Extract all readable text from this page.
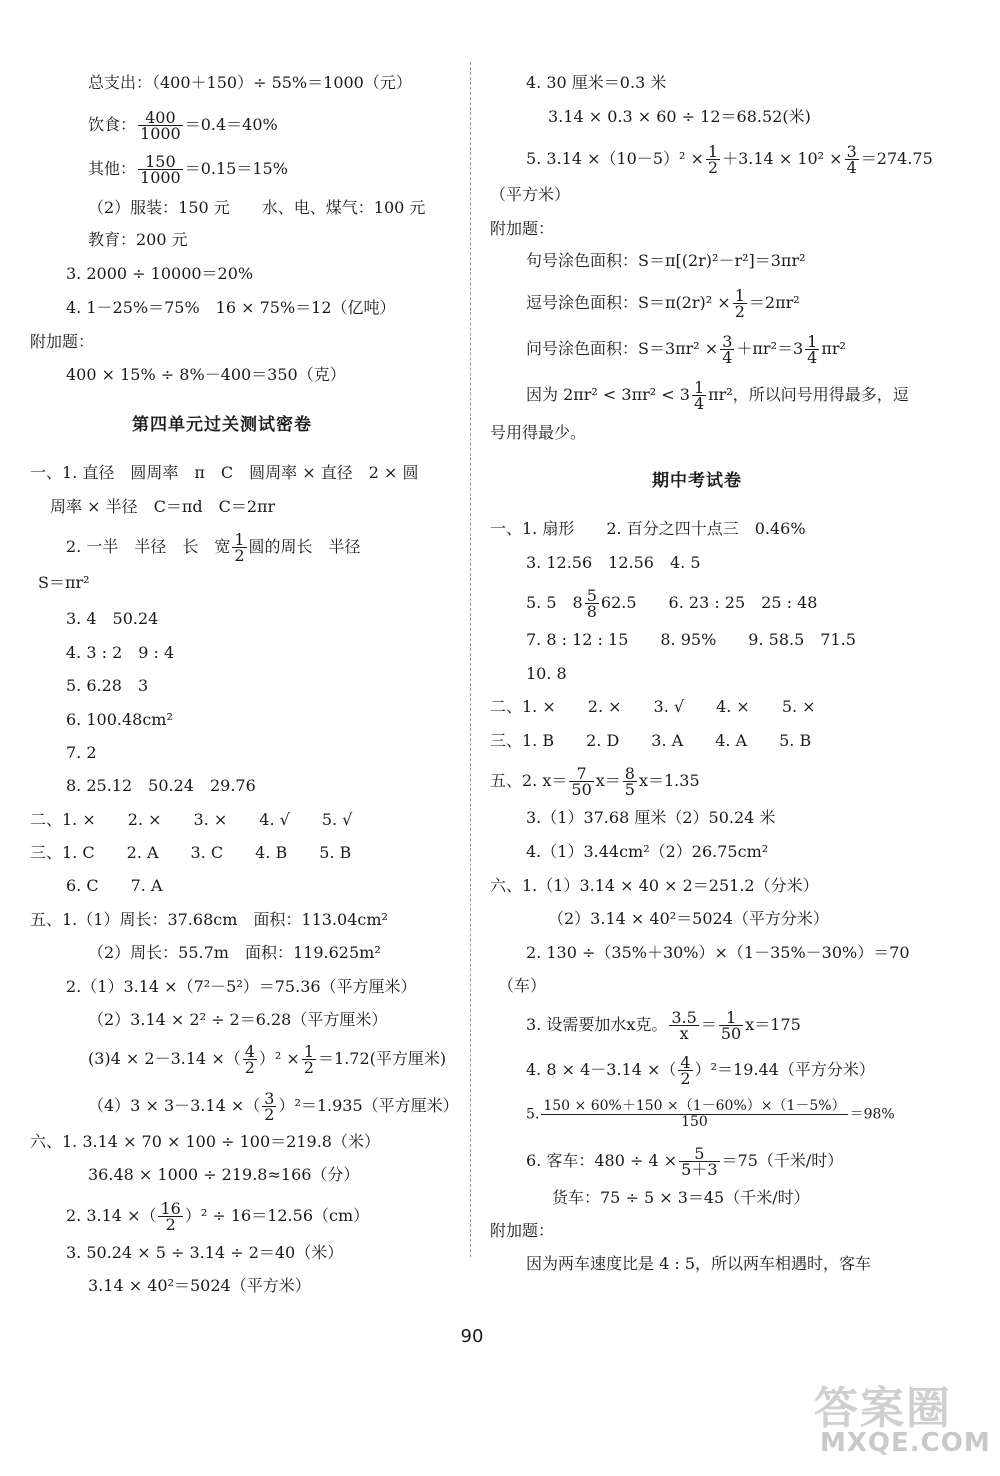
总支出：（400＋150）÷ 55%＝1000（元）
饮食： $\frac{400}{1000} =0.4=40\%$
其他： $\frac{150}{1000} =0.15=15\%$
（2）服装：150 元　　水、电、煤气：100 元
教育：200 元
3. 2000 ÷ 10000＝20%
4. 1－25%＝75%　16 × 75%＝12（亿吨）
附加题：
400 × 15% ÷ 8%－400＝350（克）
第四单元过关测试密卷
一、1. 直径　圆周率　π　C　圆周率 × 直径　2 × 圆
周率 × 半径　C＝πd　C＝2πr
2. 一半　半径　长　宽 $\frac{1}{2}$ 圆的周长　半径
S＝πr²
3. 4　50.24
4. 3 : 2　9 : 4
5. 6.28　3
6. 100.48cm²
7. 2
8. 25.12　50.24　29.76
二、1. ×　　2. ×　　3. ×　　4. √　　5. √
三、1. C　　2. A　　3. C　　4. B　　5. B
6. C　　7. A
五、1.（1）周长：37.68cm　面积：113.04cm²
（2）周长：55.7m　面积：119.625m²
2.（1）3.14 ×（7²－5²）＝75.36（平方厘米）
（2）3.14 × 2² ÷ 2＝6.28（平方厘米）
(3)4 × 2－3.14 ×（ $\frac{4}{2} )^2 \times \frac{1}{2} =1.72$(平方厘米)
（4）3 × 3－3.14 ×（ $\frac{3}{2} )^2=1.935$（平方厘米）
六、1. 3.14 × 70 × 100 ÷ 100＝219.8（米）
36.48 × 1000 ÷ 219.8≈166（分）
2. 3.14 ×（ $\frac{16}{2} )^2 \div 16=12.56(cm)$
3. 50.24 × 5 ÷ 3.14 ÷ 2＝40（米）
3.14 × 40²＝5024（平方米）
4. 30 厘米＝0.3 米
3.14 × 0.3 × 60 ÷ 12＝68.52(米)
5. $3.14 \times(10-5)^2 \times \frac{1}{2} +3.14 \times 10^2 \times \frac{3}{4} =274.75$
（平方米）
附加题：
句号涂色面积：S＝π[(2r)²－r²]＝3πr²
逗号涂色面积：$S=\pi(2r)^2 \times \frac{1}{2} =2\pi r^2$
问号涂色面积：$S=3\pi r^2 \times \frac{3}{4} +\pi r^2=3 \frac{1}{4} \pi r^2$
因为 $2\pi r^2 < 3\pi r^2 < 3 \frac{1}{4} \pi r^2$，所以问号用得最多，逗
号用得最少。
期中考试卷
一、1. 扇形　　2. 百分之四十点三　0.46%
3. 12.56　12.56　4. 5
5. 5　$8 \frac{5}{8} 62.5$　　6. 23 : 25　25 : 48
7. 8 : 12 : 15　　8. 95%　　9. 58.5　71.5
10. 8
二、1. ×　　2. ×　　3. √　　4. ×　　5. ×
三、1. B　　2. D　　3. A　　4. A　　5. B
五、2. $x= \frac{7}{50} x= \frac{8}{5} x=1.35$
3.（1）37.68 厘米（2）50.24 米
4.（1）3.44cm²（2）26.75cm²
六、1.（1）3.14 × 40 × 2＝251.2（分米）
（2）3.14 × 40²＝5024（平方分米）
2. 130 ÷（35%＋30%）×（1－35%－30%）＝70
（车）
3. 设需要加水x克。 $\frac{3.5}{x} = \frac{1}{50} x=175$
4. 8 × 4－3.14 ×（ $\frac{4}{2} )^2=19.44$（平方分米）
5. $\frac{150 \times 60\%+150 \times(1-60\%)\times(1-5\%)}{150} =98\%$
6. 客车：$480 \div 4 \times \frac{5}{5+3} =75$（千米/时）
货车：75 ÷ 5 × 3＝45（千米/时）
附加题：
因为两车速度比是 4 : 5，所以两车相遇时，客车
90
答案圈
MXQE.COM
